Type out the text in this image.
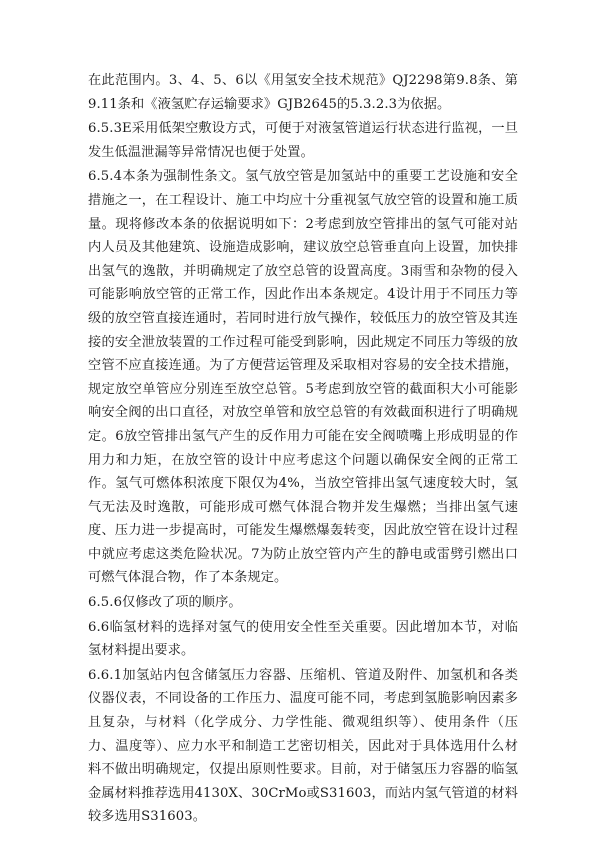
在此范围内。3、4、5、6以《用氢安全技术规范》QJ2298第9.8条、第9.11条和《液氢贮存运输要求》GJB2645的5.3.2.3为依据。

6.5.3E采用低架空敷设方式，可便于对液氢管道运行状态进行监视，一旦发生低温泄漏等异常情况也便于处置。

6.5.4本条为强制性条文。氢气放空管是加氢站中的重要工艺设施和安全措施之一，在工程设计、施工中均应十分重视氢气放空管的设置和施工质量。现将修改本条的依据说明如下：2考虑到放空管排出的氢气可能对站内人员及其他建筑、设施造成影响，建议放空总管垂直向上设置，加快排出氢气的逸散，并明确规定了放空总管的设置高度。3雨雪和杂物的侵入可能影响放空管的正常工作，因此作出本条规定。4设计用于不同压力等级的放空管直接连通时，若同时进行放气操作，较低压力的放空管及其连接的安全泄放装置的工作过程可能受到影响，因此规定不同压力等级的放空管不应直接连通。为了方便营运管理及采取相对容易的安全技术措施，规定放空单管应分别连至放空总管。5考虑到放空管的截面积大小可能影响安全阀的出口直径，对放空单管和放空总管的有效截面积进行了明确规定。6放空管排出氢气产生的反作用力可能在安全阀喷嘴上形成明显的作用力和力矩，在放空管的设计中应考虑这个问题以确保安全阀的正常工作。氢气可燃体积浓度下限仅为4%，当放空管排出氢气速度较大时，氢气无法及时逸散，可能形成可燃气体混合物并发生爆燃；当排出氢气速度、压力进一步提高时，可能发生爆燃爆轰转变，因此放空管在设计过程中就应考虑这类危险状况。7为防止放空管内产生的静电或雷劈引燃出口可燃气体混合物，作了本条规定。

6.5.6仅修改了项的顺序。

6.6临氢材料的选择对氢气的使用安全性至关重要。因此增加本节，对临氢材料提出要求。

6.6.1加氢站内包含储氢压力容器、压缩机、管道及附件、加氢机和各类仪器仪表，不同设备的工作压力、温度可能不同，考虑到氢脆影响因素多且复杂，与材料（化学成分、力学性能、微观组织等）、使用条件（压力、温度等）、应力水平和制造工艺密切相关，因此对于具体选用什么材料不做出明确规定，仅提出原则性要求。目前，对于储氢压力容器的临氢金属材料推荐选用4130X、30CrMo或S31603，而站内氢气管道的材料较多选用S31603。
